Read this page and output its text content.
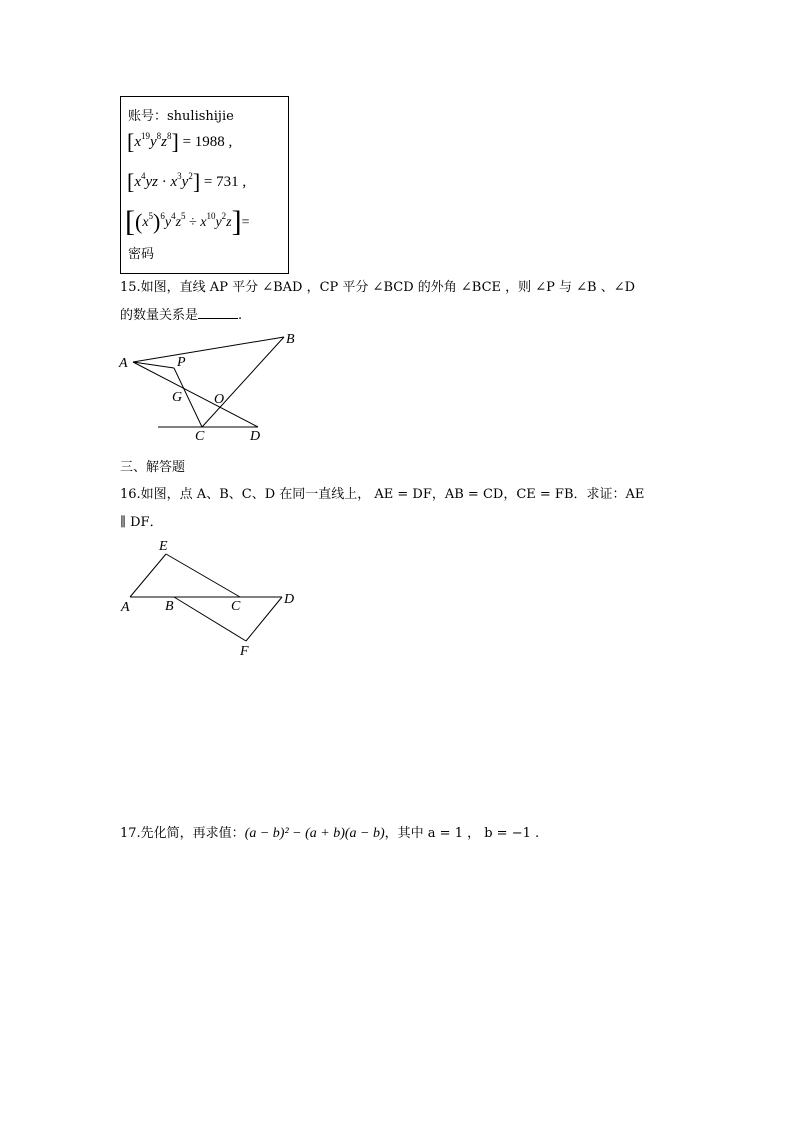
账号：shulishijie
$[x^{19}y^8z^8] = 1988$ ,
$[x^4yz \cdot x^3y^2] = 731$ ,
$[(x^5)^6y^4z^5 \div x^{10}y^2z]=$
密码
15.如图，直线 AP 平分 ∠BAD ，CP 平分 ∠BCD 的外角 ∠BCE ，则 ∠P 与 ∠B 、∠D
的数量关系是	.
A
B
P
G O
C	D
三、解答题
16.如图，点 A、B、C、D 在同一直线上， AE = DF，AB = CD，CE = FB．求证：AE
∥ DF．
E
A	B	C	D
F
17.先化简，再求值：(a − b)² − (a + b)(a − b)，其中 a = 1 ， b = −1 .
